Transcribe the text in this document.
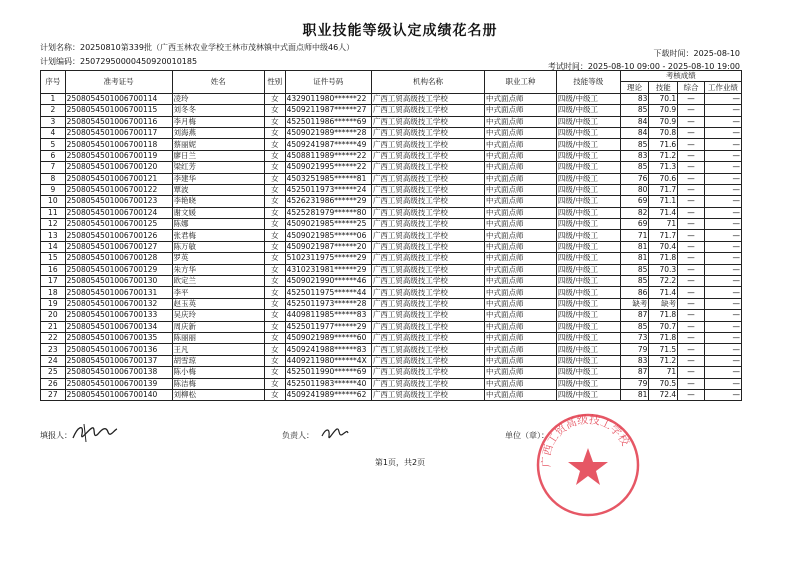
职业技能等级认定成绩花名册
计划名称：20250810第339批（广西玉林农业学校王林市茂林镇中式面点师中级46人）
计划编码：25072950000450920010185
下载时间：2025-08-10
考试时间：2025-08-10 09:00 - 2025-08-10 19:00
序号	准考证号	姓名	性别	证件号码	机构名称	职业工种	技能等级	考核成绩			
								理论	技能	综合	工作业绩
1	250805450100670011​4	凌玲	女	4329011980******22	广西工贸高级技工学校	中式面点师	四级/中级工	83	70.1	—	—
2	2508054501006700115	刘冬冬	女	4509211987******27	广西工贸高级技工学校	中式面点师	四级/中级工	85	70.9	—	—
3	2508054501006700116	李月梅	女	4525011986******69	广西工贸高级技工学校	中式面点师	四级/中级工	84	70.9	—	—
4	2508054501006700117	刘海燕	女	4509021989******28	广西工贸高级技工学校	中式面点师	四级/中级工	84	70.8	—	—
5	2508054501006700118	蔡丽妮	女	4509241987******49	广西工贸高级技工学校	中式面点师	四级/中级工	85	71.6	—	—
6	2508054501006700119	廖日兰	女	4508811989******22	广西工贸高级技工学校	中式面点师	四级/中级工	83	71.2	—	—
7	2508054501006700120	梁红芳	女	4509021995******22	广西工贸高级技工学校	中式面点师	四级/中级工	85	71.3	—	—
8	2508054501006700121	李建华	女	4503251985******81	广西工贸高级技工学校	中式面点师	四级/中级工	76	70.6	—	—
9	2508054501006700122	覃波	女	4525011973******24	广西工贸高级技工学校	中式面点师	四级/中级工	80	71.7	—	—
10	2508054501006700123	李艳晓	女	4526231986******29	广西工贸高级技工学校	中式面点师	四级/中级工	69	71.1	—	—
11	2508054501006700124	谢文媛	女	4525281979******80	广西工贸高级技工学校	中式面点师	四级/中级工	82	71.4	—	—
12	2508054501006700125	陈娜	女	4509021985******25	广西工贸高级技工学校	中式面点师	四级/中级工	69	71	—	—
13	2508054501006700126	张君梅	女	4509021985******06	广西工贸高级技工学校	中式面点师	四级/中级工	71	71.7	—	—
14	2508054501006700127	陈万敏	女	4509021987******20	广西工贸高级技工学校	中式面点师	四级/中级工	81	70.4	—	—
15	2508054501006700128	罗英	女	5102311975******29	广西工贸高级技工学校	中式面点师	四级/中级工	81	71.8	—	—
16	2508054501006700129	朱方华	女	4310231981******29	广西工贸高级技工学校	中式面点师	四级/中级工	85	70.3	—	—
17	2508054501006700130	欧定兰	女	4509021990******46	广西工贸高级技工学校	中式面点师	四级/中级工	85	72.2	—	—
18	2508054501006700131	李平	女	4525011975******44	广西工贸高级技工学校	中式面点师	四级/中级工	86	71.4	—	—
19	2508054501006700132	赵玉英	女	4525011973******28	广西工贸高级技工学校	中式面点师	四级/中级工	缺考	缺考	—	—
20	2508054501006700133	吴庆玲	女	4409811985******83	广西工贸高级技工学校	中式面点师	四级/中级工	87	71.8	—	—
21	2508054501006700134	周庆新	女	4525011977******29	广西工贸高级技工学校	中式面点师	四级/中级工	85	70.7	—	—
22	2508054501006700135	陈丽丽	女	4509021989******60	广西工贸高级技工学校	中式面点师	四级/中级工	73	71.8	—	—
23	2508054501006700136	王凡	女	4509241988******83	广西工贸高级技工学校	中式面点师	四级/中级工	79	71.5	—	—
24	2508054501006700137	胡雪琼	女	4409211980******4X	广西工贸高级技工学校	中式面点师	四级/中级工	83	71.2	—	—
25	2508054501006700138	陈小梅	女	4525011990******69	广西工贸高级技工学校	中式面点师	四级/中级工	87	71	—	—
26	2508054501006700139	陈洁梅	女	4525011983******40	广西工贸高级技工学校	中式面点师	四级/中级工	79	70.5	—	—
27	2508054501006700140	刘柳松	女	4509241989******62	广西工贸高级技工学校	中式面点师	四级/中级工	81	72.4	—	—
填报人：	负责人：	单位（章）：
第1页，共2页	广西工贸高级技工学校
